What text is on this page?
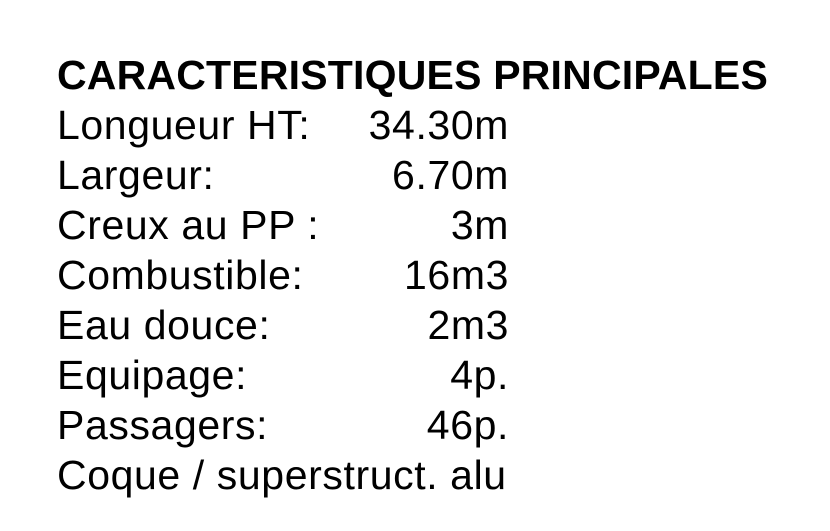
CARACTERISTIQUES PRINCIPALES
Longueur HT:	34.30m
Largeur:	6.70m
Creux au PP :	3m
Combustible:	16m3
Eau douce:	2m3
Equipage:	4p.
Passagers:	46p.
Coque / superstruct. alu
